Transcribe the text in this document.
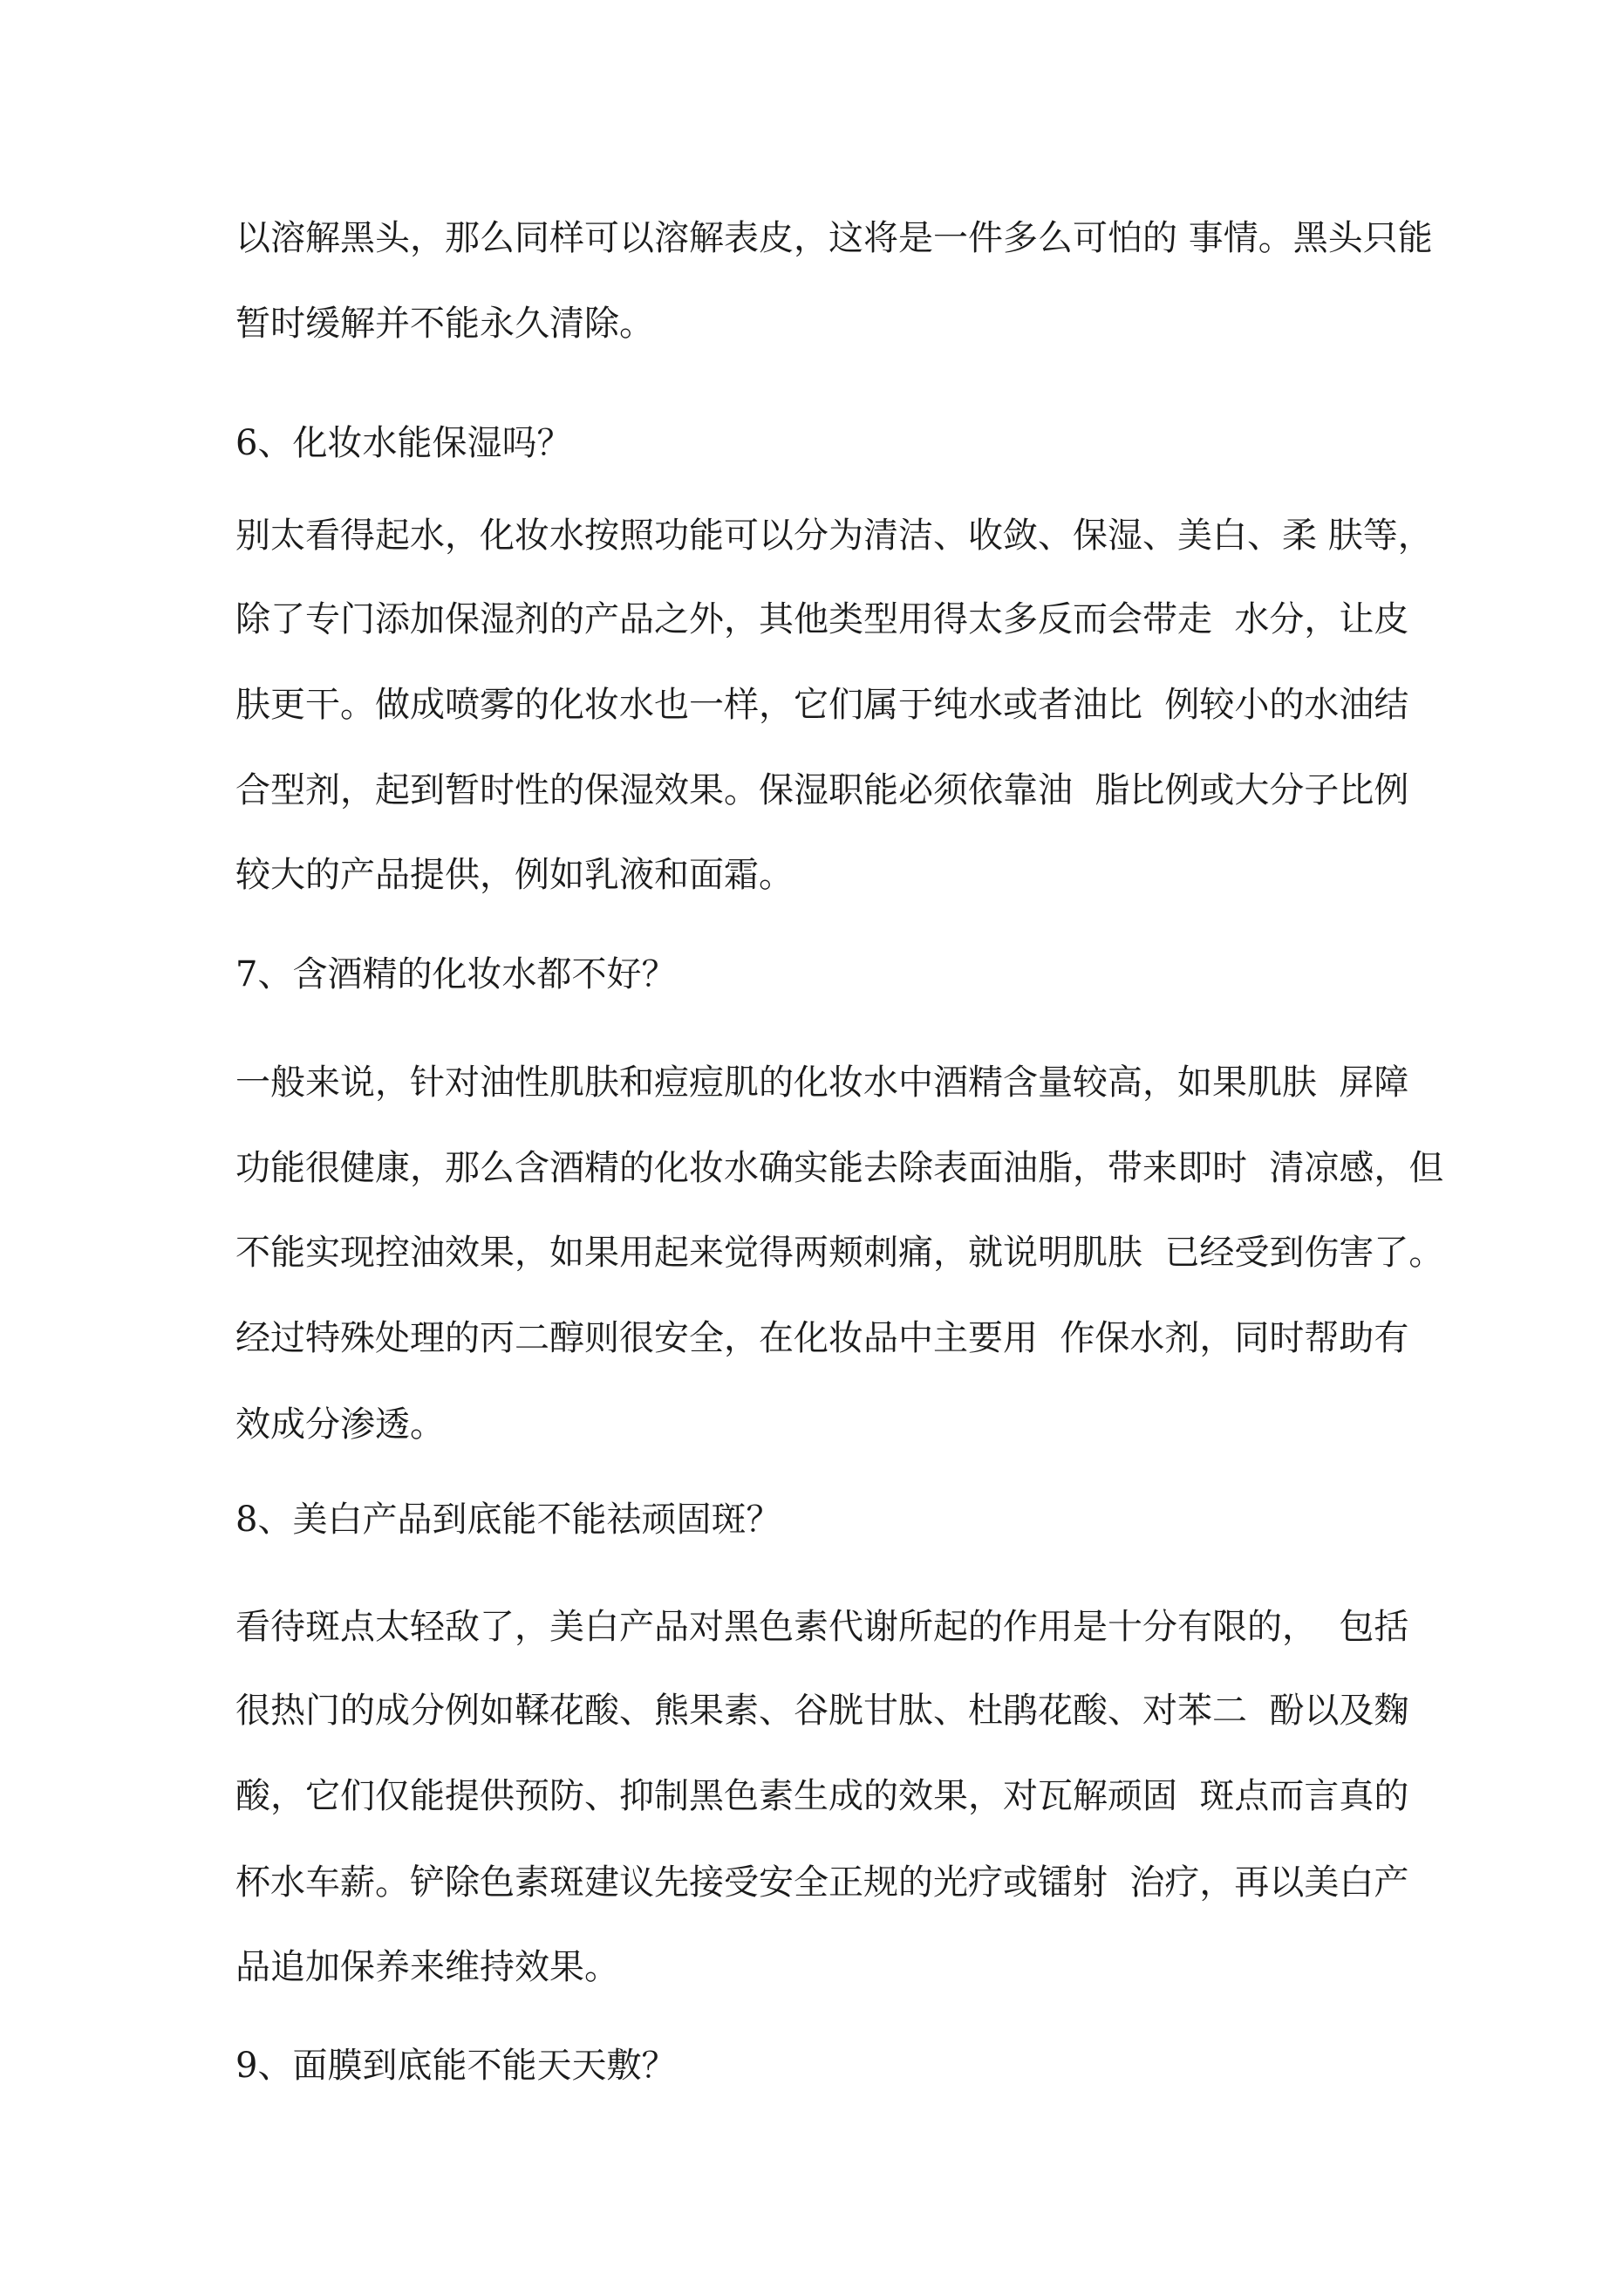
以溶解黑头，那么同样可以溶解表皮，这将是一件多么可怕的 事情。黑头只能

暂时缓解并不能永久清除。

6、化妆水能保湿吗？

别太看得起水，化妆水按照功能可以分为清洁、收敛、保湿、美白、柔 肤等，

除了专门添加保湿剂的产品之外，其他类型用得太多反而会带走  水分，让皮

肤更干。做成喷雾的化妆水也一样，它们属于纯水或者油比  例较小的水油结

合型剂，起到暂时性的保湿效果。保湿职能必须依靠油  脂比例或大分子比例

较大的产品提供，例如乳液和面霜。

7、含酒精的化妆水都不好？

一般来说，针对油性肌肤和痘痘肌的化妆水中酒精含量较高，如果肌肤  屏障

功能很健康，那么含酒精的化妆水确实能去除表面油脂，带来即时  清凉感，但

不能实现控油效果，如果用起来觉得两颊刺痛，就说明肌肤  已经受到伤害了。

经过特殊处理的丙二醇则很安全，在化妆品中主要用  作保水剂，同时帮助有

效成分渗透。

8、美白产品到底能不能祛顽固斑？

看待斑点太轻敌了，美白产品对黑色素代谢所起的作用是十分有限的，  包括

很热门的成分例如鞣花酸、熊果素、谷胱甘肽、杜鹃花酸、对苯二  酚以及麴

酸，它们仅能提供预防、抑制黑色素生成的效果，对瓦解顽固  斑点而言真的

杯水车薪。铲除色素斑建议先接受安全正规的光疗或镭射  治疗，再以美白产

品追加保养来维持效果。

9、面膜到底能不能天天敷？
